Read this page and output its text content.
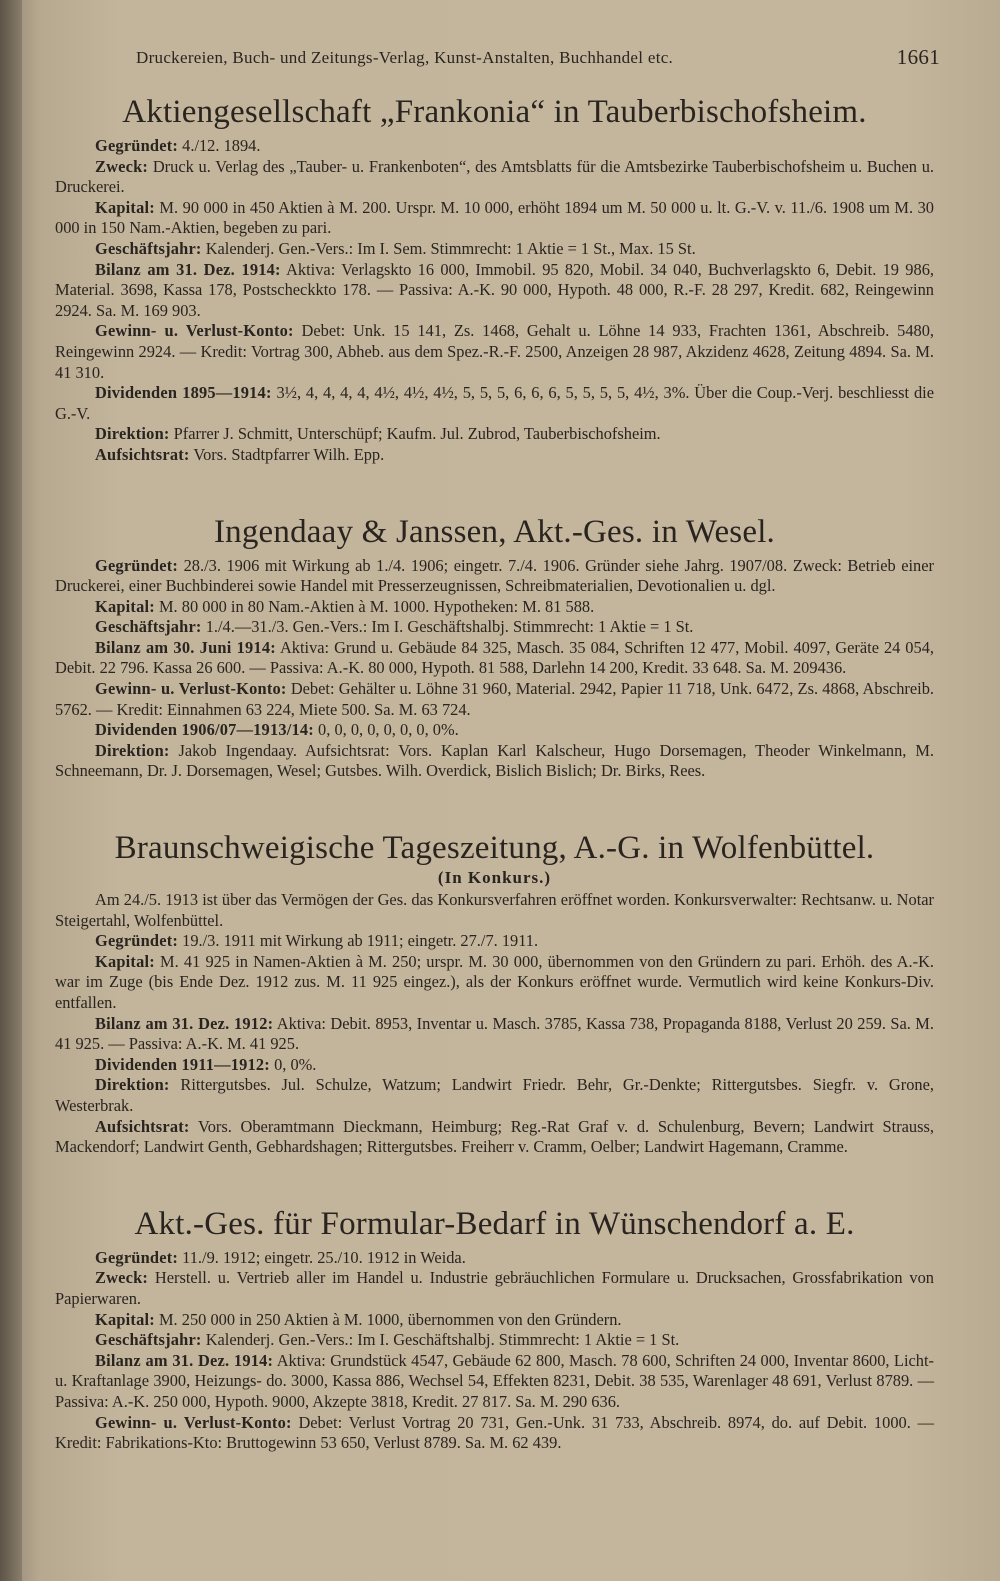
Druckereien, Buch- und Zeitungs-Verlag, Kunst-Anstalten, Buchhandel etc.	1661
Aktiengesellschaft „Frankonia“ in Tauberbischofsheim.

Gegründet: 4./12. 1894.

Zweck: Druck u. Verlag des „Tauber- u. Frankenboten“, des Amtsblatts für die Amtsbezirke Tauberbischofsheim u. Buchen u. Druckerei.

Kapital: M. 90 000 in 450 Aktien à M. 200. Urspr. M. 10 000, erhöht 1894 um M. 50 000 u. lt. G.-V. v. 11./6. 1908 um M. 30 000 in 150 Nam.-Aktien, begeben zu pari.

Geschäftsjahr: Kalenderj. Gen.-Vers.: Im I. Sem. Stimmrecht: 1 Aktie = 1 St., Max. 15 St.

Bilanz am 31. Dez. 1914: Aktiva: Verlagskto 16 000, Immobil. 95 820, Mobil. 34 040, Buchverlagskto 6, Debit. 19 986, Material. 3698, Kassa 178, Postscheckkto 178. — Passiva: A.-K. 90 000, Hypoth. 48 000, R.-F. 28 297, Kredit. 682, Reingewinn 2924. Sa. M. 169 903.

Gewinn- u. Verlust-Konto: Debet: Unk. 15 141, Zs. 1468, Gehalt u. Löhne 14 933, Frachten 1361, Abschreib. 5480, Reingewinn 2924. — Kredit: Vortrag 300, Abheb. aus dem Spez.-R.-F. 2500, Anzeigen 28 987, Akzidenz 4628, Zeitung 4894. Sa. M. 41 310.

Dividenden 1895—1914: 3½, 4, 4, 4, 4, 4½, 4½, 4½, 5, 5, 5, 6, 6, 6, 5, 5, 5, 5, 4½, 3%. Über die Coup.-Verj. beschliesst die G.-V.

Direktion: Pfarrer J. Schmitt, Unterschüpf; Kaufm. Jul. Zubrod, Tauberbischofsheim.

Aufsichtsrat: Vors. Stadtpfarrer Wilh. Epp.

Ingendaay & Janssen, Akt.-Ges. in Wesel.

Gegründet: 28./3. 1906 mit Wirkung ab 1./4. 1906; eingetr. 7./4. 1906. Gründer siehe Jahrg. 1907/08. Zweck: Betrieb einer Druckerei, einer Buchbinderei sowie Handel mit Presserzeugnissen, Schreibmaterialien, Devotionalien u. dgl.

Kapital: M. 80 000 in 80 Nam.-Aktien à M. 1000. Hypotheken: M. 81 588.

Geschäftsjahr: 1./4.—31./3. Gen.-Vers.: Im I. Geschäftshalbj. Stimmrecht: 1 Aktie = 1 St.

Bilanz am 30. Juni 1914: Aktiva: Grund u. Gebäude 84 325, Masch. 35 084, Schriften 12 477, Mobil. 4097, Geräte 24 054, Debit. 22 796. Kassa 26 600. — Passiva: A.-K. 80 000, Hypoth. 81 588, Darlehn 14 200, Kredit. 33 648. Sa. M. 209436.

Gewinn- u. Verlust-Konto: Debet: Gehälter u. Löhne 31 960, Material. 2942, Papier 11 718, Unk. 6472, Zs. 4868, Abschreib. 5762. — Kredit: Einnahmen 63 224, Miete 500. Sa. M. 63 724.

Dividenden 1906/07—1913/14: 0, 0, 0, 0, 0, 0, 0, 0%.

Direktion: Jakob Ingendaay. Aufsichtsrat: Vors. Kaplan Karl Kalscheur, Hugo Dorsemagen, Theoder Winkelmann, M. Schneemann, Dr. J. Dorsemagen, Wesel; Gutsbes. Wilh. Overdick, Bislich Bislich; Dr. Birks, Rees.

Braunschweigische Tageszeitung, A.-G. in Wolfenbüttel.
(In Konkurs.)

Am 24./5. 1913 ist über das Vermögen der Ges. das Konkursverfahren eröffnet worden. Konkursverwalter: Rechtsanw. u. Notar Steigertahl, Wolfenbüttel.

Gegründet: 19./3. 1911 mit Wirkung ab 1911; eingetr. 27./7. 1911.

Kapital: M. 41 925 in Namen-Aktien à M. 250; urspr. M. 30 000, übernommen von den Gründern zu pari. Erhöh. des A.-K. war im Zuge (bis Ende Dez. 1912 zus. M. 11 925 eingez.), als der Konkurs eröffnet wurde. Vermutlich wird keine Konkurs-Div. entfallen.

Bilanz am 31. Dez. 1912: Aktiva: Debit. 8953, Inventar u. Masch. 3785, Kassa 738, Propaganda 8188, Verlust 20 259. Sa. M. 41 925. — Passiva: A.-K. M. 41 925.

Dividenden 1911—1912: 0, 0%.

Direktion: Rittergutsbes. Jul. Schulze, Watzum; Landwirt Friedr. Behr, Gr.-Denkte; Rittergutsbes. Siegfr. v. Grone, Westerbrak.

Aufsichtsrat: Vors. Oberamtmann Dieckmann, Heimburg; Reg.-Rat Graf v. d. Schulenburg, Bevern; Landwirt Strauss, Mackendorf; Landwirt Genth, Gebhardshagen; Rittergutsbes. Freiherr v. Cramm, Oelber; Landwirt Hagemann, Cramme.

Akt.-Ges. für Formular-Bedarf in Wünschendorf a. E.

Gegründet: 11./9. 1912; eingetr. 25./10. 1912 in Weida.

Zweck: Herstell. u. Vertrieb aller im Handel u. Industrie gebräuchlichen Formulare u. Drucksachen, Grossfabrikation von Papierwaren.

Kapital: M. 250 000 in 250 Aktien à M. 1000, übernommen von den Gründern.

Geschäftsjahr: Kalenderj. Gen.-Vers.: Im I. Geschäftshalbj. Stimmrecht: 1 Aktie = 1 St.

Bilanz am 31. Dez. 1914: Aktiva: Grundstück 4547, Gebäude 62 800, Masch. 78 600, Schriften 24 000, Inventar 8600, Licht- u. Kraftanlage 3900, Heizungs- do. 3000, Kassa 886, Wechsel 54, Effekten 8231, Debit. 38 535, Warenlager 48 691, Verlust 8789. — Passiva: A.-K. 250 000, Hypoth. 9000, Akzepte 3818, Kredit. 27 817. Sa. M. 290 636.

Gewinn- u. Verlust-Konto: Debet: Verlust Vortrag 20 731, Gen.-Unk. 31 733, Abschreib. 8974, do. auf Debit. 1000. — Kredit: Fabrikations-Kto: Bruttogewinn 53 650, Verlust 8789. Sa. M. 62 439.
